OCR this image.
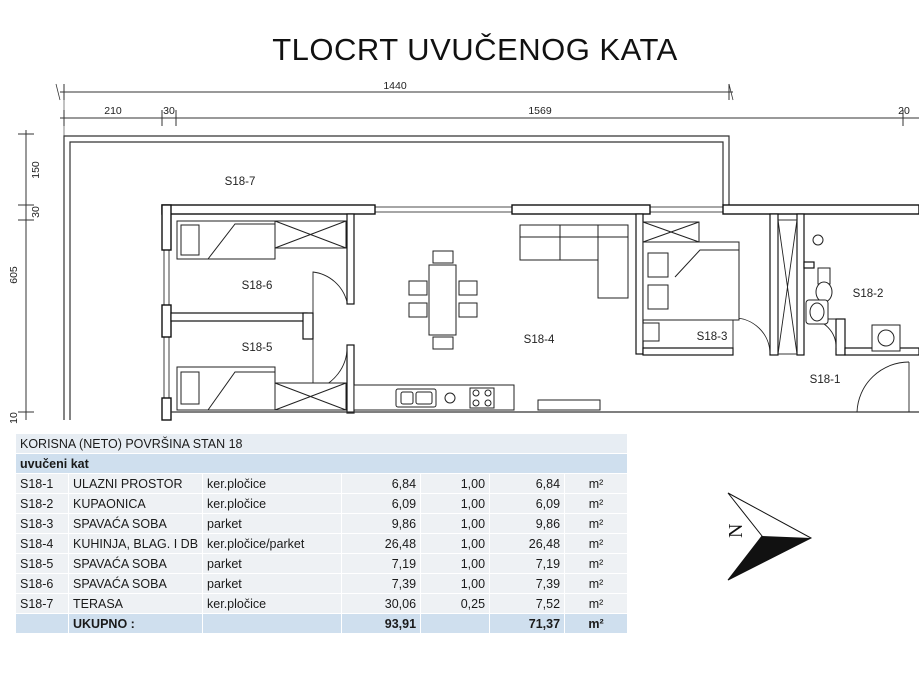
TLOCRT UVUČENOG KATA
1440
210	30	1569	20
605
150
30
10
S18-7
S18-6
S18-5
S18-4	S18-3
S18-2
S18-1
KORISNA (NETO) POVRŠINA STAN 18						
uvučeni kat						
S18-1	ULAZNI PROSTOR	ker.pločice	6,84	1,00	6,84	m²
S18-2	KUPAONICA	ker.pločice	6,09	1,00	6,09	m²
S18-3	SPAVAĆA SOBA	parket	9,86	1,00	9,86	m²
S18-4	KUHINJA, BLAG. I DB	ker.pločice/parket	26,48	1,00	26,48	m²
S18-5	SPAVAĆA SOBA	parket	7,19	1,00	7,19	m²
S18-6	SPAVAĆA SOBA	parket	7,39	1,00	7,39	m²
S18-7	TERASA	ker.pločice	30,06	0,25	7,52	m²
	UKUPNO :		93,91		71,37	m²
N
